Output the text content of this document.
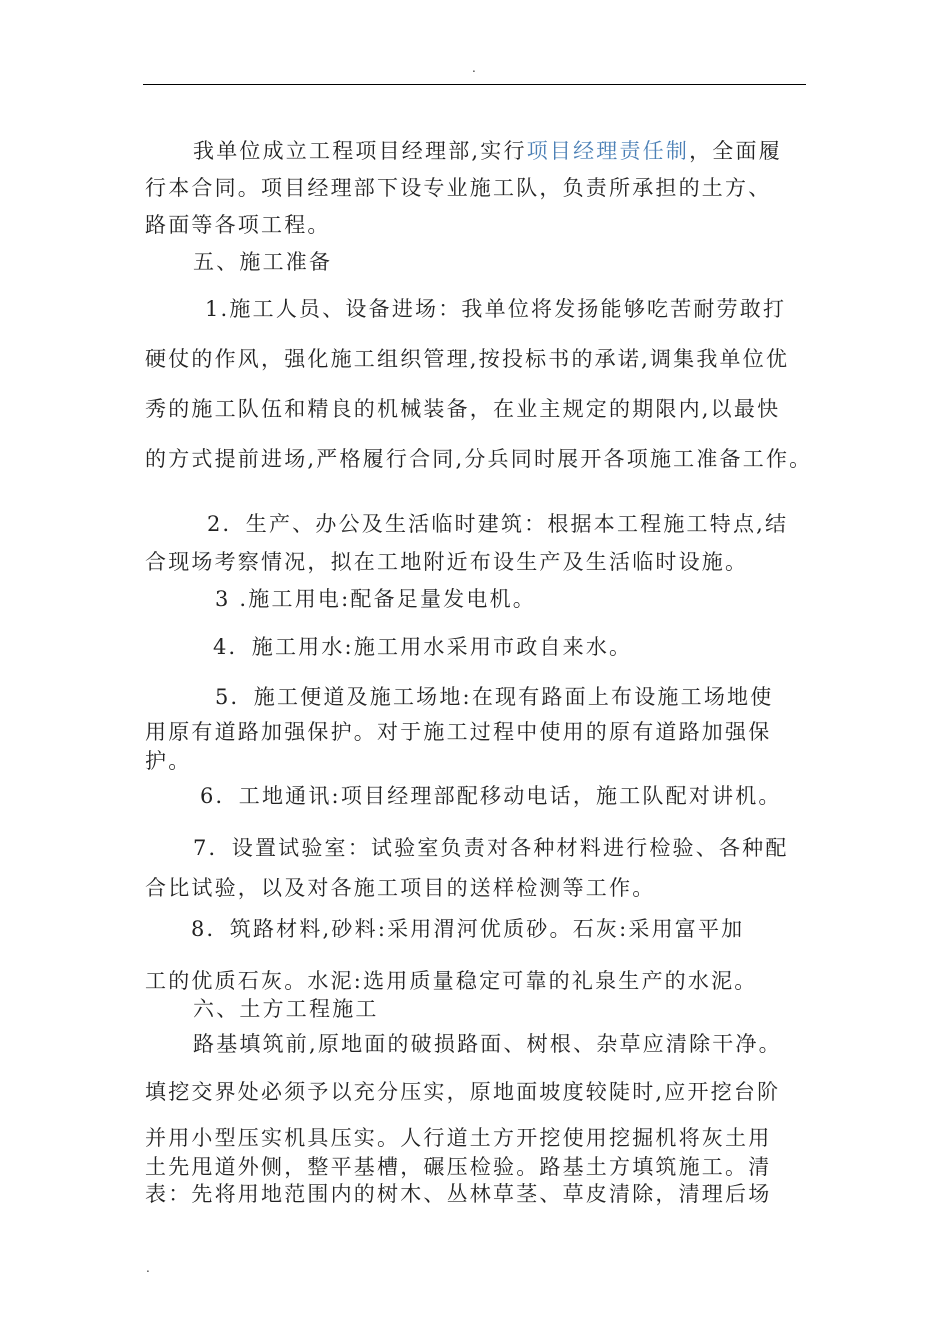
.

我单位成立工程项目经理部,实行项目经理责任制，全面履
行本合同。项目经理部下设专业施工队，负责所承担的土方、
路面等各项工程。

五、施工准备

1.施工人员、设备进场：我单位将发扬能够吃苦耐劳敢打
硬仗的作风，强化施工组织管理,按投标书的承诺,调集我单位优
秀的施工队伍和精良的机械装备，在业主规定的期限内,以最快
的方式提前进场,严格履行合同,分兵同时展开各项施工准备工作。

2．生产、办公及生活临时建筑：根据本工程施工特点,结
合现场考察情况，拟在工地附近布设生产及生活临时设施。

3 .施工用电:配备足量发电机。

4．施工用水:施工用水采用市政自来水。

5．施工便道及施工场地:在现有路面上布设施工场地使
用原有道路加强保护。对于施工过程中使用的原有道路加强保
护。

6．工地通讯:项目经理部配移动电话，施工队配对讲机。

7．设置试验室：试验室负责对各种材料进行检验、各种配
合比试验，以及对各施工项目的送样检测等工作。

8．筑路材料,砂料:采用渭河优质砂。石灰:采用富平加
工的优质石灰。水泥:选用质量稳定可靠的礼泉生产的水泥。

六、土方工程施工

路基填筑前,原地面的破损路面、树根、杂草应清除干净。
填挖交界处必须予以充分压实，原地面坡度较陡时,应开挖台阶
并用小型压实机具压实。人行道土方开挖使用挖掘机将灰土用
土先甩道外侧，整平基槽，碾压检验。路基土方填筑施工。清
表：先将用地范围内的树木、丛林草茎、草皮清除，清理后场

.
